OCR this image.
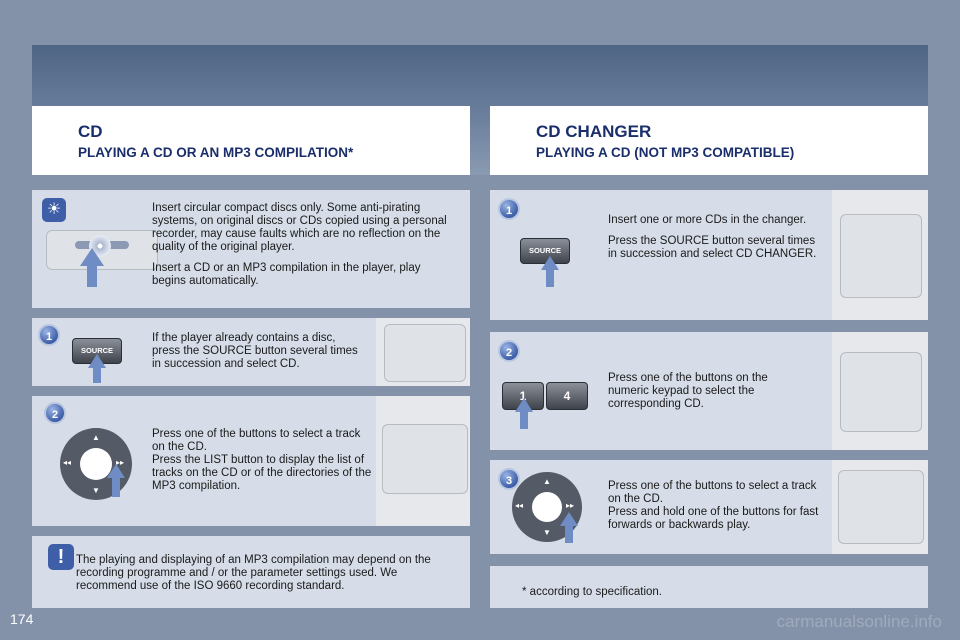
CD
PLAYING A CD OR AN MP3 COMPILATION*
CD CHANGER
PLAYING A CD (NOT MP3 COMPATIBLE)
☀	Insert circular compact discs only. Some anti-pirating systems, on original discs or CDs copied using a personal recorder, may cause faults which are no reflection on the quality of the original player.

Insert a CD or an MP3 compilation in the player, play begins automatically.

1
SOURCE
If the player already contains a disc, press the SOURCE button several times in succession and select CD.
2
▲
▼
◂◂	▸▸
Press one of the buttons to select a track on the CD.
Press the LIST button to display the list of tracks on the CD or of the directories of the MP3 compilation.
!	The playing and displaying of an MP3 compilation may depend on the recording programme and / or the parameter settings used. We recommend use of the ISO 9660 recording standard.
1
SOURCE

Insert one or more CDs in the changer.

Press the SOURCE button several times in succession and select CD CHANGER.

2
1	4
Press one of the buttons on the numeric keypad to select the corresponding CD.
3	▲
▼
◂◂	▸▸
Press one of the buttons to select a track on the CD.
Press and hold one of the buttons for fast forwards or backwards play.
* according to specification.
174	carmanualsonline.info
